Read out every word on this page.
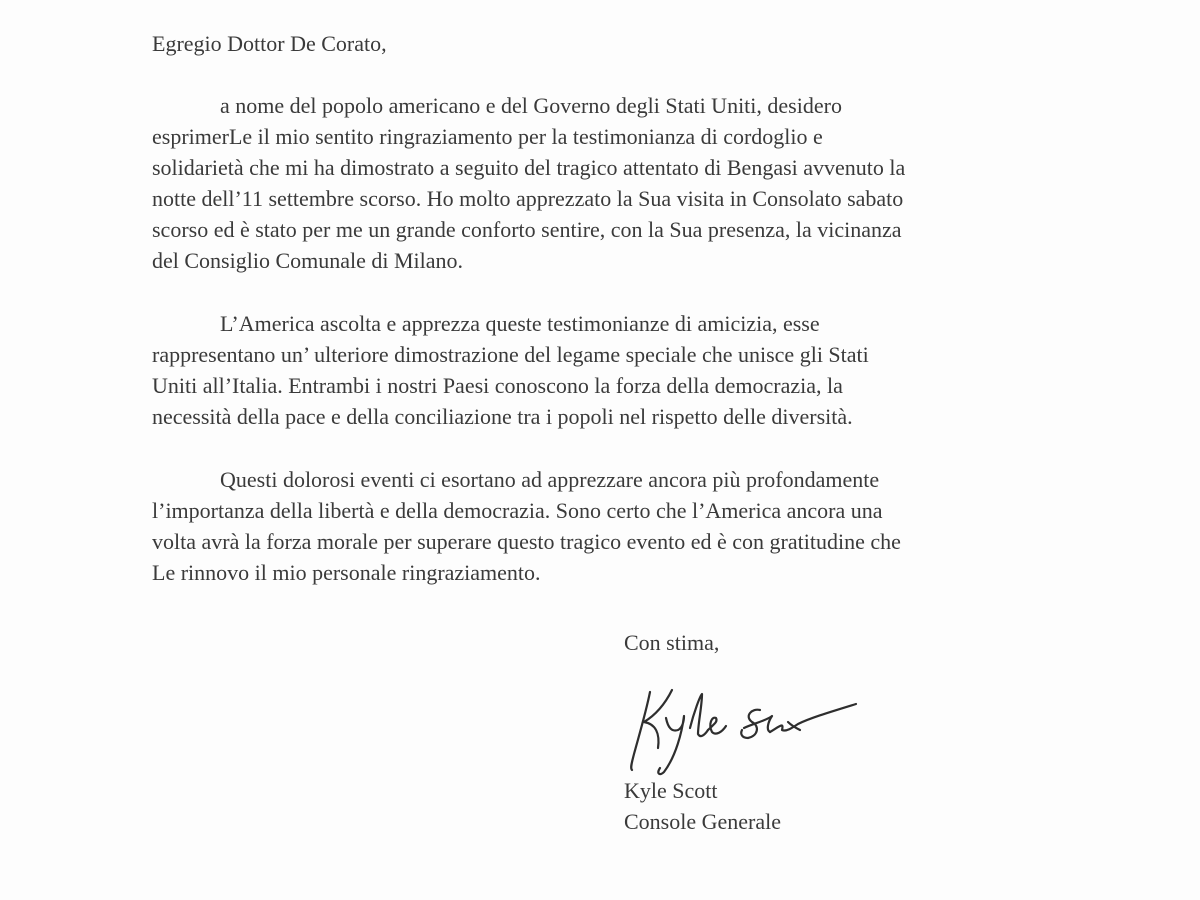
Egregio Dottor De Corato,

a nome del popolo americano e del Governo degli Stati Uniti, desidero
esprimerLe il mio sentito ringraziamento per la testimonianza di cordoglio e
solidarietà che mi ha dimostrato a seguito del tragico attentato di Bengasi avvenuto la
notte dell’11 settembre scorso. Ho molto apprezzato la Sua visita in Consolato sabato
scorso ed è stato per me un grande conforto sentire, con la Sua presenza, la vicinanza
del Consiglio Comunale di Milano.
L’America ascolta e apprezza queste testimonianze di amicizia, esse
rappresentano un’ ulteriore dimostrazione del legame speciale che unisce gli Stati
Uniti all’Italia. Entrambi i nostri Paesi conoscono la forza della democrazia, la
necessità della pace e della conciliazione tra i popoli nel rispetto delle diversità.
Questi dolorosi eventi ci esortano ad apprezzare ancora più profondamente
l’importanza della libertà e della democrazia. Sono certo che l’America ancora una
volta avrà la forza morale per superare questo tragico evento ed è con gratitudine che
Le rinnovo il mio personale ringraziamento.

Con stima,

Kyle Scott
Console Generale
